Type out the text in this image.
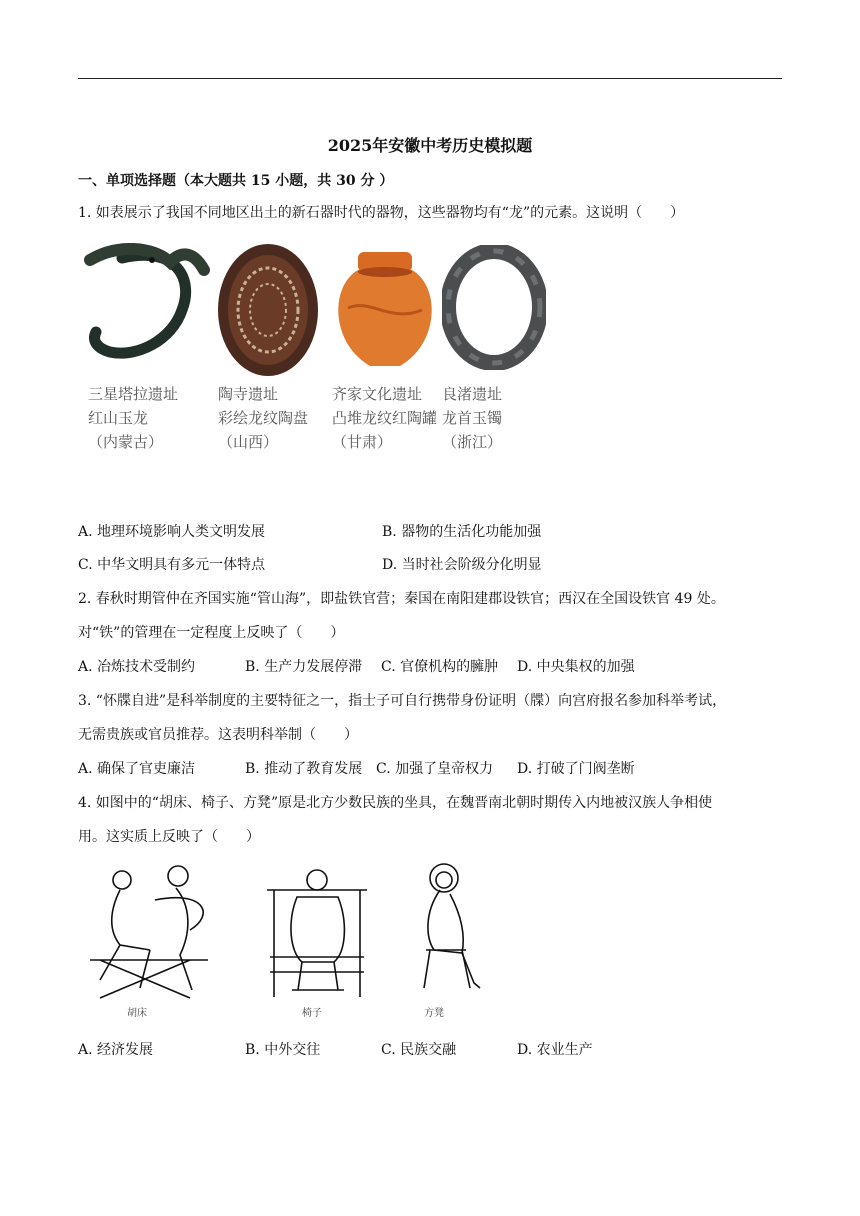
2025年安徽中考历史模拟题
一、单项选择题（本大题共 15 小题，共 30 分 ）
1. 如表展示了我国不同地区出土的新石器时代的器物，这些器物均有“龙”的元素。这说明（　　）
三星塔拉遗址
红山玉龙
（内蒙古）
陶寺遗址
彩绘龙纹陶盘
（山西）
齐家文化遗址
凸堆龙纹红陶罐
（甘肃）
良渚遗址
龙首玉镯
（浙江）
A. 地理环境影响人类文明发展	B. 器物的生活化功能加强
C. 中华文明具有多元一体特点	D. 当时社会阶级分化明显
2. 春秋时期管仲在齐国实施“管山海”，即盐铁官营；秦国在南阳建郡设铁官；西汉在全国设铁官 49 处。
对“铁”的管理在一定程度上反映了（　　）
A. 冶炼技术受制约	B. 生产力发展停滞 C. 官僚机构的臃肿 D. 中央集权的加强
3. “怀牒自进”是科举制度的主要特征之一，指士子可自行携带身份证明（牒）向宫府报名参加科举考试，
无需贵族或官员推荐。这表明科举制（　　）
A. 确保了官吏廉洁	B. 推动了教育发展 C. 加强了皇帝权力 D. 打破了门阀垄断
4. 如图中的“胡床、椅子、方凳”原是北方少数民族的坐具，在魏晋南北朝时期传入内地被汉族人争相使
用。这实质上反映了（　　）
胡床	椅子	方凳
A. 经济发展	B. 中外交往	C. 民族交融	D. 农业生产
